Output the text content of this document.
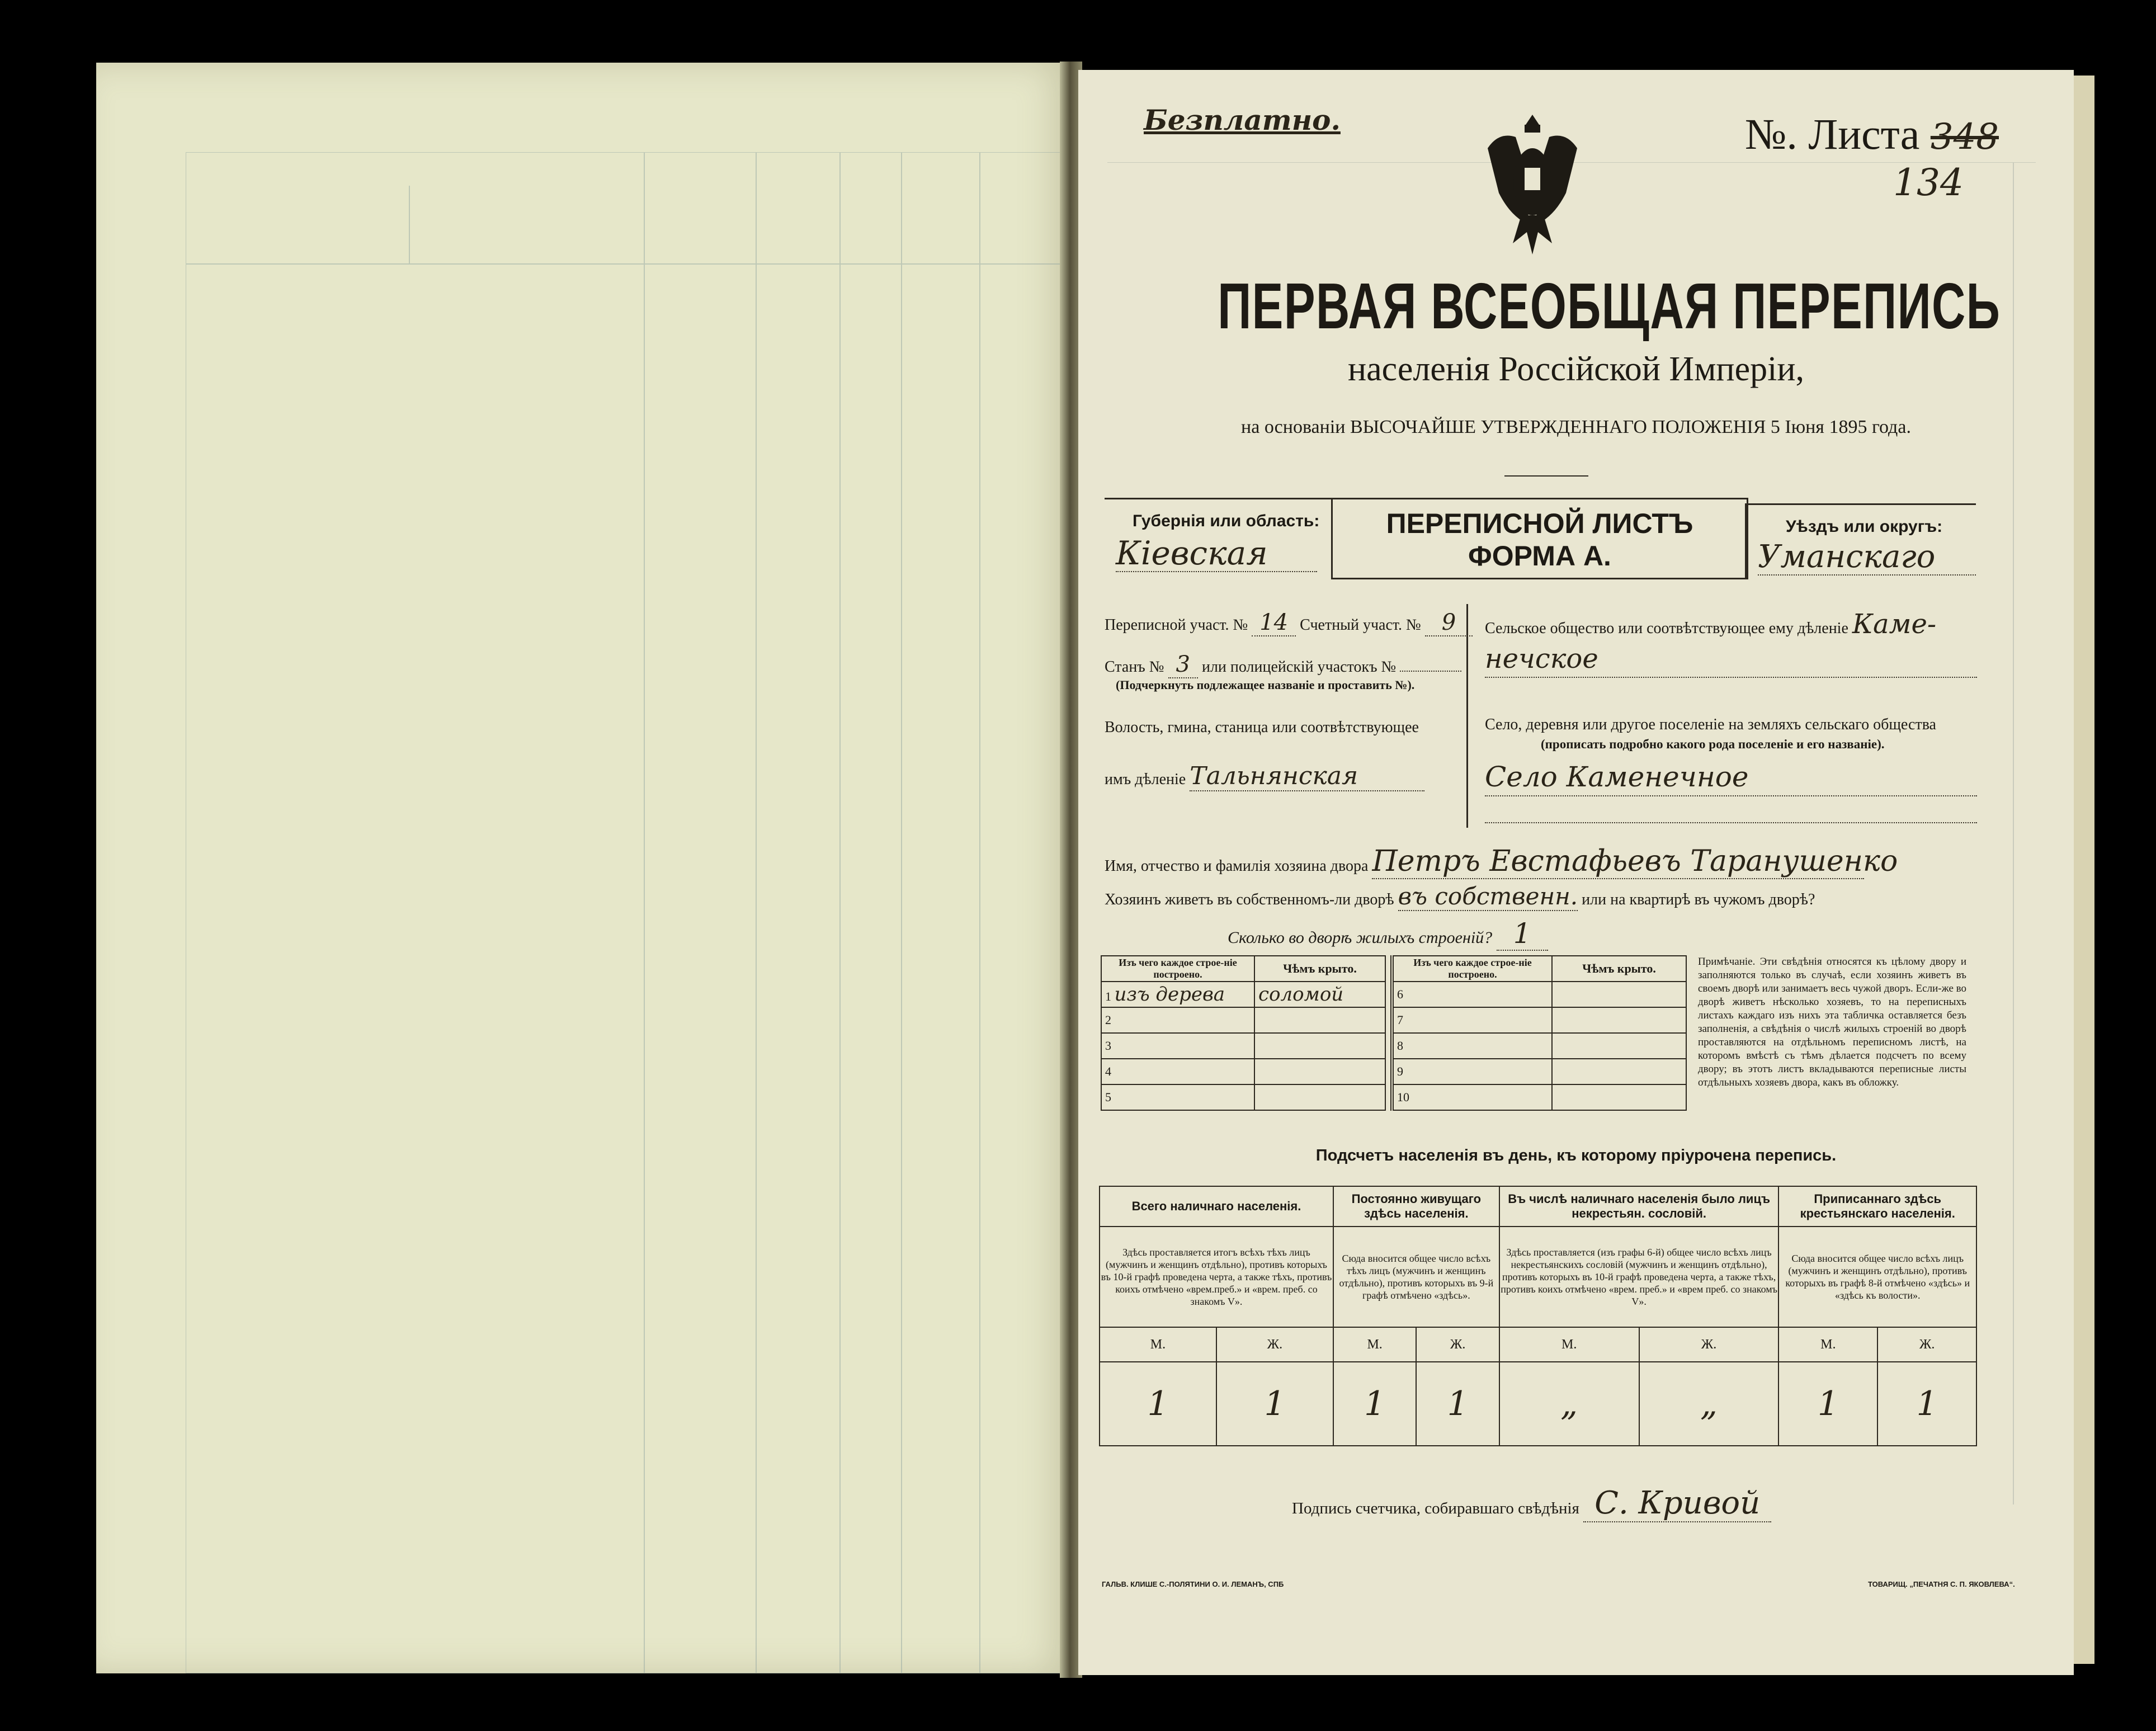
Безплатно.	№. Листа 348
134
ПЕРВАЯ ВСЕОБЩАЯ ПЕРЕПИСЬ
населенія Россійской Имперіи,
на основаніи ВЫСОЧАЙШЕ УТВЕРЖДЕННАГО ПОЛОЖЕНІЯ 5 Іюня 1895 года.
Губернія или область:
Кіевская
ПЕРЕПИСНОЙ ЛИСТЪ
ФОРМА А.
Уѣздъ или округъ:
Уманскаго
Переписной участ. № 14 Счетный участ. № 9
Станъ № 3 или полицейскій участокъ №
(Подчеркнуть подлежащее названіе и проставить №).
Волость, гмина, станица или соотвѣтствующее
имъ дѣленіе Тальнянская
Сельское общество или соотвѣтствующее ему дѣленіе Каме-
нечское
Село, деревня или другое поселеніе на земляхъ сельскаго общества
(прописать подробно какого рода поселеніе и его названіе).
Село Каменечное
Имя, отчество и фамилія хозяина двора Петръ Евстафьевъ Таранушенко
Хозяинъ живетъ въ собственномъ-ли дворѣ въ собственн. или на квартирѣ въ чужомъ дворѣ?
Сколько во дворѣ жилыхъ строеній? 1
Изъ чего каждое строе-ніе построено.	Чѣмъ крыто.
1 изъ дерева	соломой
2	
3	
4	
5	
Изъ чего каждое строе-ніе построено.	Чѣмъ крыто.
6	
7	
8	
9	
10	
Примѣчаніе. Эти свѣдѣнія относятся къ цѣлому двору и заполняются только въ случаѣ, если хозяинъ живетъ въ своемъ дворѣ или занимаетъ весь чужой дворъ. Если-же во дворѣ живетъ нѣсколько хозяевъ, то на переписныхъ листахъ каждаго изъ нихъ эта табличка оставляется безъ заполненія, а свѣдѣнія о числѣ жилыхъ строеній во дворѣ проставляются на отдѣльномъ переписномъ листѣ, на которомъ вмѣстѣ съ тѣмъ дѣлается подсчетъ по всему двору; въ этотъ листъ вкладываются переписные листы отдѣльныхъ хозяевъ двора, какъ въ обложку.
Подсчетъ населенія въ день, къ которому пріурочена перепись.
Всего наличнаго населенія.		Постоянно живущаго здѣсь населенія.		Въ числѣ наличнаго населенія было лицъ некрестьян. сословій.		Приписаннаго здѣсь крестьянскаго населенія.	
Здѣсь проставляется итогъ всѣхъ тѣхъ лицъ (мужчинъ и женщинъ отдѣльно), противъ которыхъ въ 10-й графѣ проведена черта, а также тѣхъ, противъ коихъ отмѣчено «врем.преб.» и «врем. преб. со знакомъ V».		Сюда вносится общее число всѣхъ тѣхъ лицъ (мужчинъ и женщинъ отдѣльно), противъ которыхъ въ 9-й графѣ отмѣчено «здѣсь».		Здѣсь проставляется (изъ графы 6-й) общее число всѣхъ лицъ некрестьянскихъ сословій (мужчинъ и женщинъ отдѣльно), противъ которыхъ въ 10-й графѣ проведена черта, а также тѣхъ, противъ коихъ отмѣчено «врем. преб.» и «врем преб. со знакомъ V».		Сюда вносится общее число всѣхъ лицъ (мужчинъ и женщинъ отдѣльно), противъ которыхъ въ графѣ 8-й отмѣчено «здѣсь» и «здѣсь къ волости».	
М.	Ж.	М.	Ж.	М.	Ж.	М.	Ж.
1	1	1	1	„	„	1	1
Подпись счетчика, собиравшаго свѣдѣнія С. Кривой
ГАЛЬВ. КЛИШЕ С.-ПОЛЯТИНИ О. И. ЛЕМАНЪ, СПБ	ТОВАРИЩ. „ПЕЧАТНЯ С. П. ЯКОВЛЕВА“.
